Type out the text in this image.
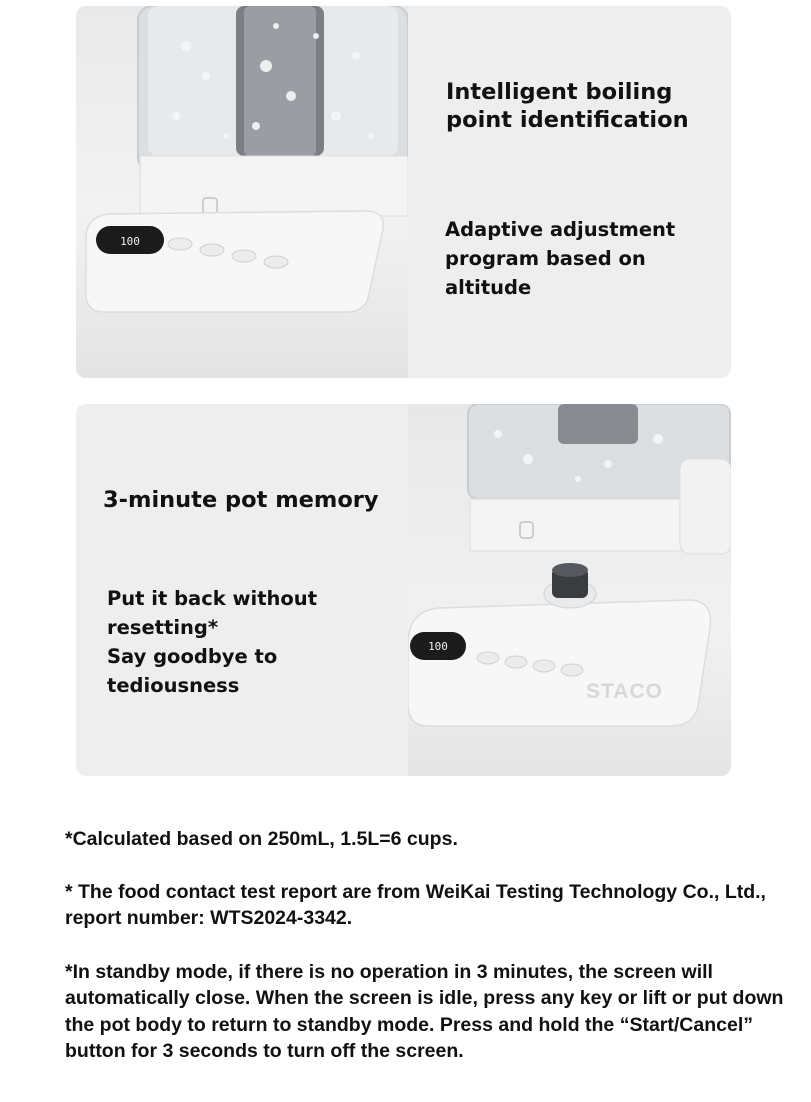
100
Intelligent boiling point identification

Adaptive adjustment program based on altitude

3-minute pot memory
Put it back without resetting*
Say goodbye to tediousness
100
STACO

*Calculated based on 250mL, 1.5L=6 cups.

* The food contact test report are from WeiKai Testing Technology Co., Ltd., report number: WTS2024-3342.

*In standby mode, if there is no operation in 3 minutes, the screen will automatically close. When the screen is idle, press any key or lift or put down the pot body to return to standby mode. Press and hold the “Start/Cancel” button for 3 seconds to turn off the screen.
